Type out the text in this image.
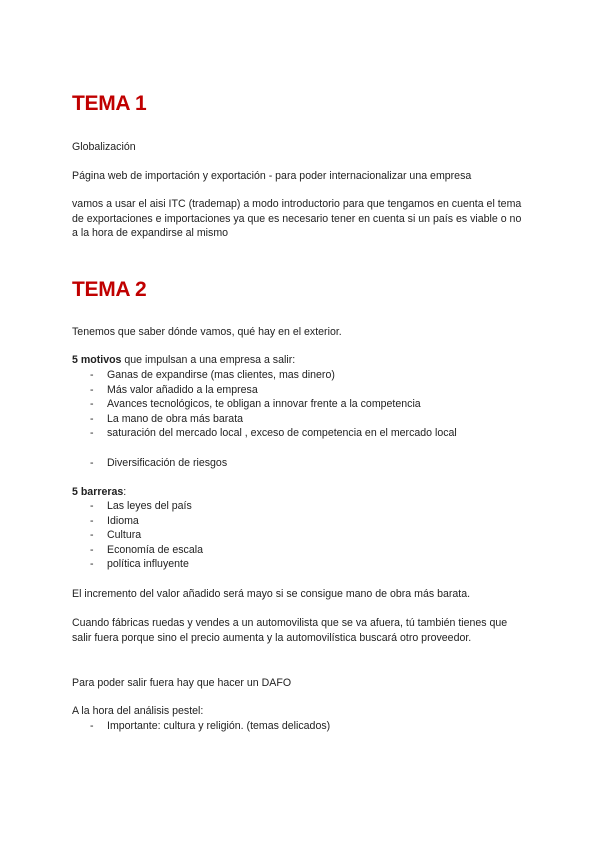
TEMA 1

Globalización

Página web de importación y exportación - para poder internacionalizar una empresa

vamos a usar el aisi ITC (trademap) a modo introductorio para que tengamos en cuenta el tema de exportaciones e importaciones ya que es necesario tener en cuenta si un país es viable o no a la hora de expandirse al mismo

TEMA 2

Tenemos que saber dónde vamos, qué hay en el exterior.

5 motivos que impulsan a una empresa a salir:

- Ganas de expandirse (mas clientes, mas dinero)
- Más valor añadido a la empresa
- Avances tecnológicos, te obligan a innovar frente a la competencia
- La mano de obra más barata
- saturación del mercado local , exceso de competencia en el mercado local
- Diversificación de riesgos

5 barreras:

- Las leyes del país
- Idioma
- Cultura
- Economía de escala
- política influyente

El incremento del valor añadido será mayo si se consigue mano de obra más barata.

Cuando fábricas ruedas y vendes a un automovilista que se va afuera, tú también tienes que salir fuera porque sino el precio aumenta y la automovilística buscará otro proveedor.

Para poder salir fuera hay que hacer un DAFO

A la hora del análisis pestel:

- Importante: cultura y religión. (temas delicados)
